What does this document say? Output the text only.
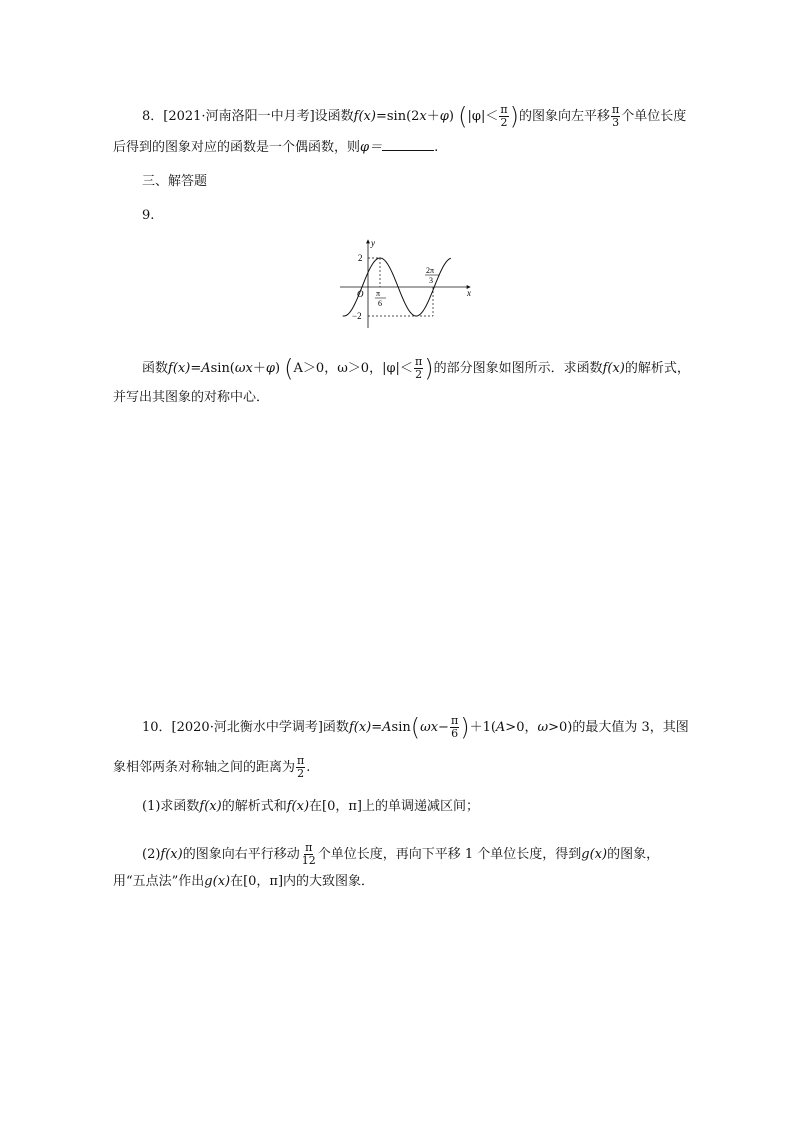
8．[2021·河南洛阳一中月考]设函数f(x)=sin(2x＋φ) ($|\varphi|< \frac{\pi}{2}$ )的图象向左平移 $\frac{\pi}{3}$ 个单位长度
后得到的图象对应的函数是一个偶函数，则φ＝	.
三、解答题
9.
y
x
O
2
−2
π
6
2π
3
函数f(x)=Asin(ωx＋φ) (A＞0，ω＞0，$|\varphi|< \frac{\pi}{2}$ )的部分图象如图所示．求函数f(x)的解析式，
并写出其图象的对称中心．
10．[2020·河北衡水中学调考]函数$f(x)=Asin(\omega x- \frac{\pi}{6} )+1(A>0$，ω>0)的最大值为 3，其图
象相邻两条对称轴之间的距离为 $\frac{\pi}{2}$ .
(1)求函数f(x)的解析式和f(x)在[0，π]上的单调递减区间；
(2)f(x)的图象向右平行移动 $\frac{\pi}{12}$ 个单位长度，再向下平移 1 个单位长度，得到g(x)的图象，
用“五点法”作出g(x)在[0，π]内的大致图象．
